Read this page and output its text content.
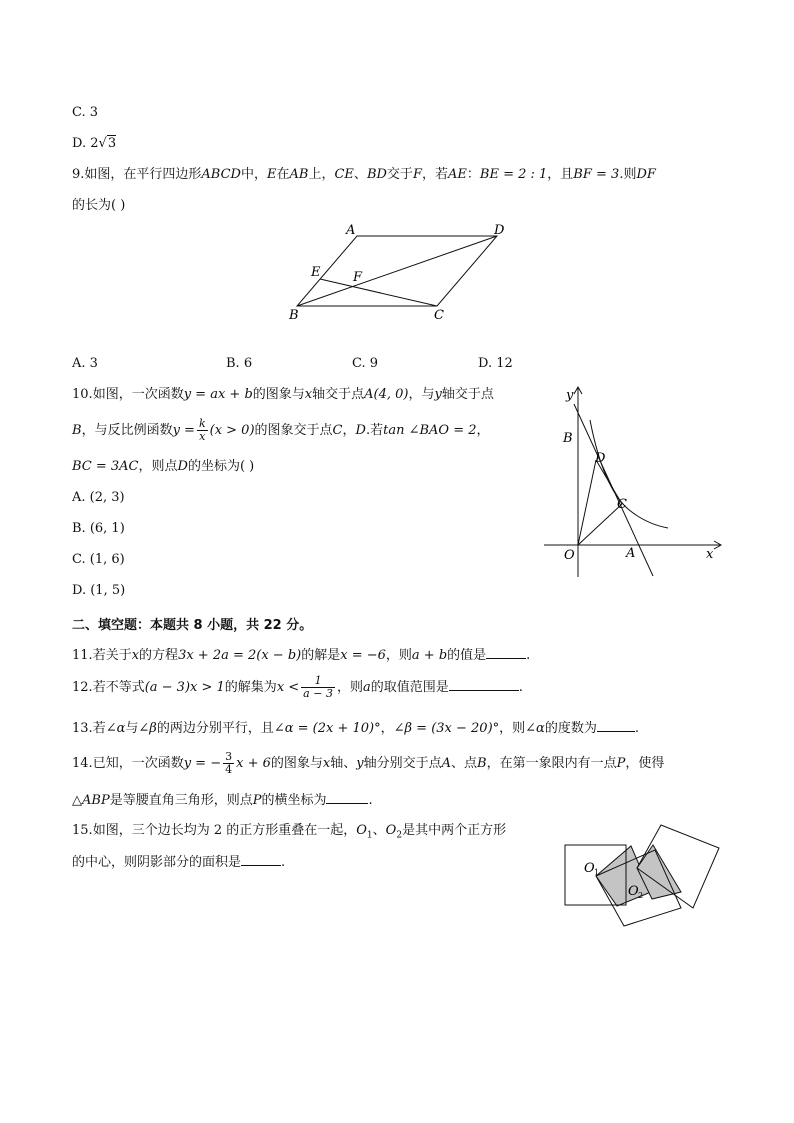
C. 3
D. 2√3
9.如图，在平行四边形ABCD中，E在AB上，CE、BD交于F，若AE：BE = 2 : 1，且BF = 3.则DF
的长为( )
A	D
E	F
B	C
A. 3	B. 6	C. 9	D. 12
10.如图，一次函数y = ax + b的图象与x轴交于点A(4, 0)，与y轴交于点
B，与反比例函数$y = \frac{k}{x} (x > 0)$的图象交于点C，D.若tan ∠BAO = 2，
BC = 3AC，则点D的坐标为( )
A. (2, 3)
B. (6, 1)
C. (1, 6)
D. (1, 5)
y
x
B
D
C
O	A
二、填空题：本题共 8 小题，共 22 分。
11.若关于x的方程3x + 2a = 2(x − b)的解是x = −6，则a + b的值是	.
12.若不等式(a − 3)x > 1的解集为$x < \frac{1}{a - 3}$ ，则a的取值范围是	.
13.若∠α与∠β的两边分别平行，且∠α = (2x + 10)°，∠β = (3x − 20)°，则∠α的度数为	.
14.已知，一次函数y = − $\frac{3}{4}$ x + 6的图象与x轴、y轴分别交于点A、点B，在第一象限内有一点P，使得
△ABP是等腰直角三角形，则点P的横坐标为	.
15.如图，三个边长均为 2 的正方形重叠在一起，$O_1$、$O_2$是其中两个正方形
的中心，则阴影部分的面积是	.	O 1
O 2
